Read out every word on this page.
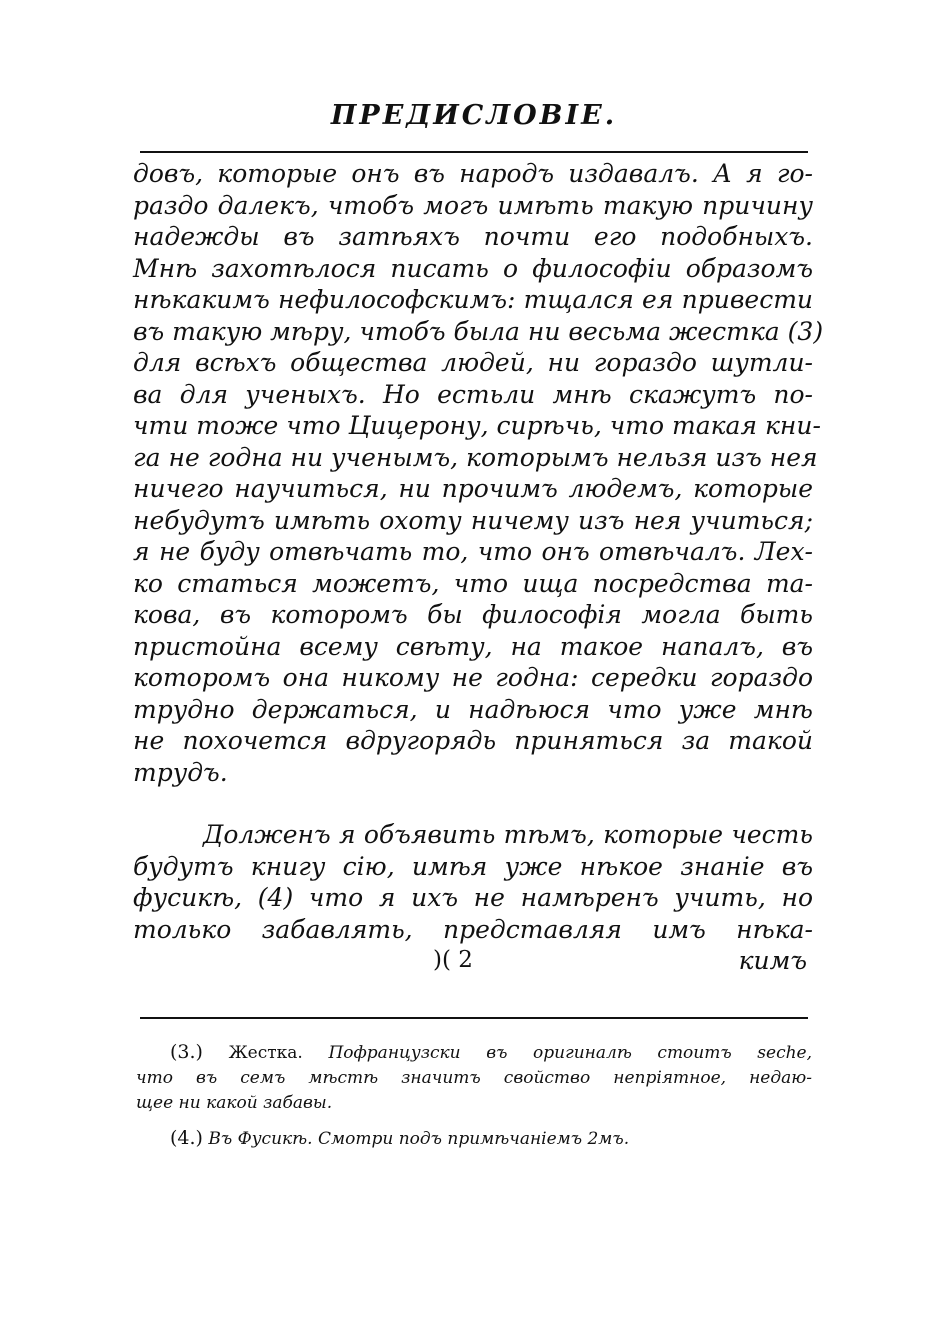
ПРЕДИСЛОВIЕ.
довъ, которые онъ въ народъ издавалъ. А я го-
раздо далекъ, чтобъ могъ имѣть такую причину
надежды въ затѣяхъ почти его подобныхъ.
Мнѣ захотѣлося писать о философiи образомъ
нѣкакимъ нефилософскимъ: тщался ея привести
въ такую мѣру, чтобъ была ни весьма жестка (3)
для всѣхъ общества людей, ни гораздо шутли-
ва для ученыхъ. Но естьли мнѣ скажутъ по-
чти тоже что Цицерону, сирѣчь, что такая кни-
га не годна ни ученымъ, которымъ нельзя изъ нея
ничего научиться, ни прочимъ людемъ, которые
небудутъ имѣть охоту ничему изъ нея учиться;
я не буду отвѣчать то, что онъ отвѣчалъ. Лех-
ко статься можетъ, что ища посредства та-
кова, въ которомъ бы философiя могла быть
пристойна всему свѣту, на такое напалъ, въ
которомъ она никому не годна: середки гораздо
трудно держаться, и надѣюся что уже мнѣ
не похочется вдругорядь приняться за такой
трудъ.
Долженъ я объявить тѣмъ, которые честь
будутъ книгу сiю, имѣя уже нѣкое знанiе въ
фусикѣ, (4) что я ихъ не намѣренъ учить, но
только забавлять, представляя имъ нѣка-
)( 2	кимъ
(3.) Жестка. Пофранцузски въ оригиналѣ стоитъ seche,
что въ семъ мѣстѣ значитъ свойство непрiятное, недаю-
щее ни какой забавы.
(4.) Въ Фусикѣ. Смотри подъ примѣчанiемъ 2мъ.
